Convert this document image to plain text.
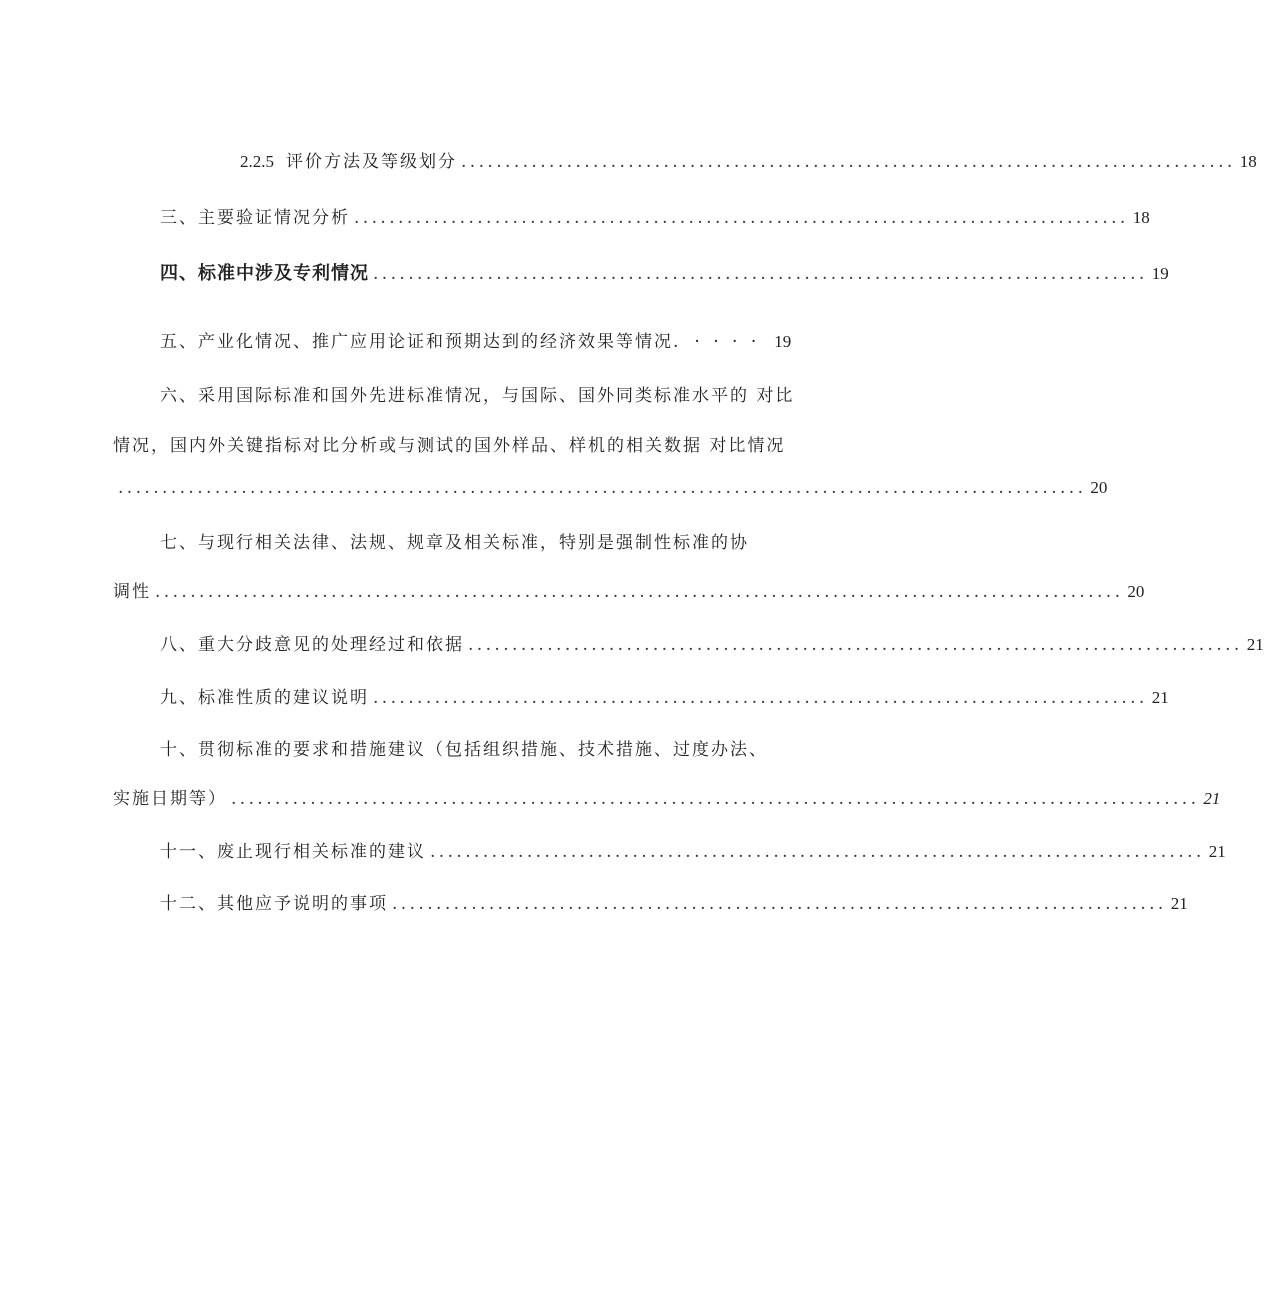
2.2.5 评价方法及等级划分 ........................................................................................ 18
三、主要验证情况分析 ........................................................................................ 18
四、标准中涉及专利情况 ........................................................................................ 19
五、产业化情况、推广应用论证和预期达到的经济效果等情况. · · · · 19
六、采用国际标准和国外先进标准情况，与国际、国外同类标准水平的 对比
情况，国内外关键指标对比分析或与测试的国外样品、样机的相关数据 对比情况
.............................................................................................................. 20
七、与现行相关法律、法规、规章及相关标准，特别是强制性标准的协
调性 .............................................................................................................. 20
八、重大分歧意见的处理经过和依据 ........................................................................................ 21
九、标准性质的建议说明 ........................................................................................ 21
十、贯彻标准的要求和措施建议（包括组织措施、技术措施、过度办法、
实施日期等） .............................................................................................................. 21
十一、废止现行相关标准的建议 ........................................................................................ 21
十二、其他应予说明的事项 ........................................................................................ 21
